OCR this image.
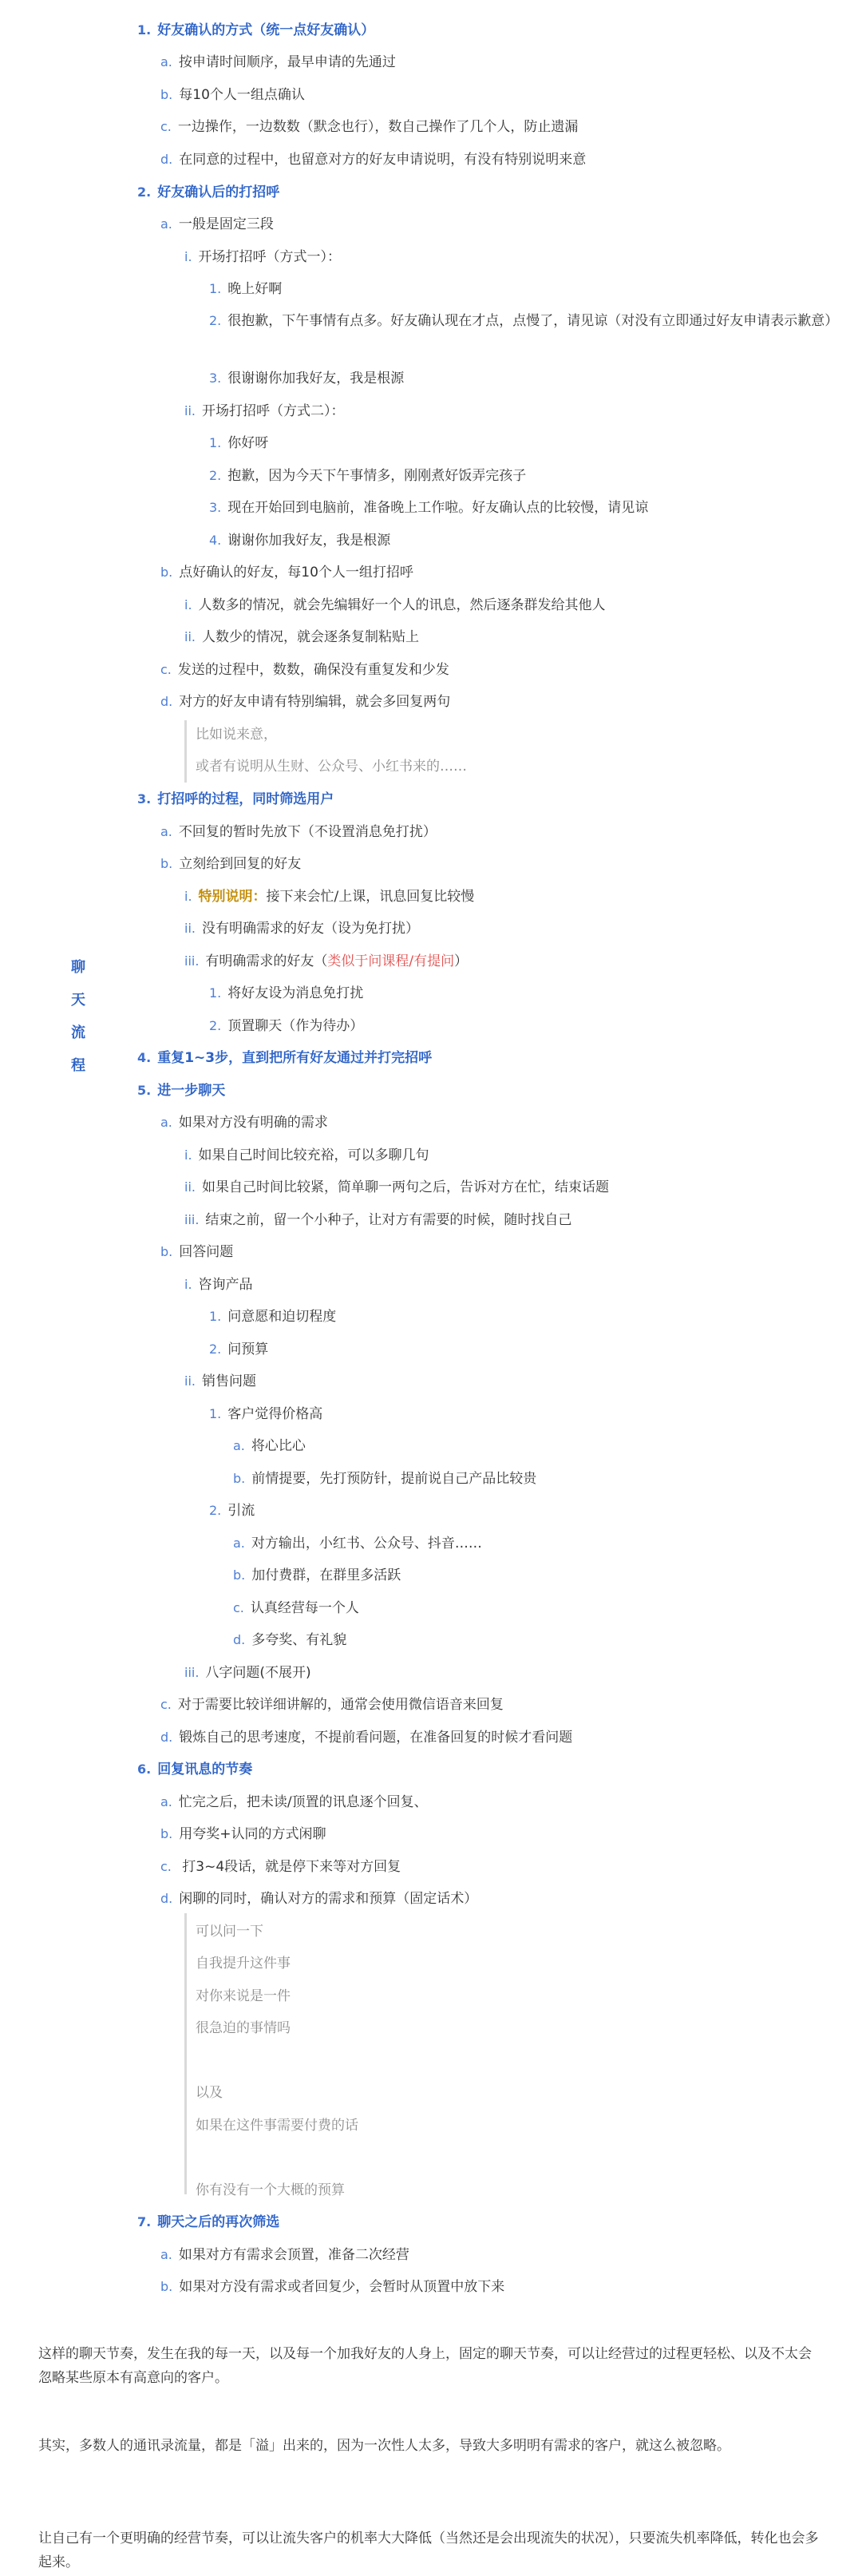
聊
天
流
程
1. 好友确认的方式（统一点好友确认）
a. 按申请时间顺序，最早申请的先通过
b. 每10个人一组点确认
c. 一边操作，一边数数（默念也行），数自己操作了几个人，防止遗漏
d. 在同意的过程中，也留意对方的好友申请说明，有没有特别说明来意
2. 好友确认后的打招呼
a. 一般是固定三段
i. 开场打招呼（方式一）：
1. 晚上好啊
2. 很抱歉，下午事情有点多。好友确认现在才点，点慢了，请见谅（对没有立即通过好友申请表示歉意）
3. 很谢谢你加我好友，我是根源
ii. 开场打招呼（方式二）：
1. 你好呀
2. 抱歉，因为今天下午事情多，刚刚煮好饭弄完孩子
3. 现在开始回到电脑前，准备晚上工作啦。好友确认点的比较慢，请见谅
4. 谢谢你加我好友，我是根源
b. 点好确认的好友，每10个人一组打招呼
i. 人数多的情况，就会先编辑好一个人的讯息，然后逐条群发给其他人
ii. 人数少的情况，就会逐条复制粘贴上
c. 发送的过程中，数数，确保没有重复发和少发
d. 对方的好友申请有特别编辑，就会多回复两句
比如说来意，
或者有说明从生财、公众号、小红书来的……
3. 打招呼的过程，同时筛选用户
a. 不回复的暂时先放下（不设置消息免打扰）
b. 立刻给到回复的好友
i. 特别说明：接下来会忙/上课，讯息回复比较慢
ii. 没有明确需求的好友（设为免打扰）
iii. 有明确需求的好友（类似于问课程/有提问）
1. 将好友设为消息免打扰
2. 顶置聊天（作为待办）
4. 重复1~3步，直到把所有好友通过并打完招呼
5. 进一步聊天
a. 如果对方没有明确的需求
i. 如果自己时间比较充裕，可以多聊几句
ii. 如果自己时间比较紧，简单聊一两句之后，告诉对方在忙，结束话题
iii. 结束之前，留一个小种子，让对方有需要的时候，随时找自己
b. 回答问题
i. 咨询产品
1. 问意愿和迫切程度
2. 问预算
ii. 销售问题
1. 客户觉得价格高
a. 将心比心
b. 前情提要，先打预防针，提前说自己产品比较贵
2. 引流
a. 对方输出，小红书、公众号、抖音……
b. 加付费群，在群里多活跃
c. 认真经营每一个人
d. 多夸奖、有礼貌
iii. 八字问题(不展开)
c. 对于需要比较详细讲解的，通常会使用微信语音来回复
d. 锻炼自己的思考速度，不提前看问题，在准备回复的时候才看问题
6. 回复讯息的节奏
a. 忙完之后，把未读/顶置的讯息逐个回复、
b. 用夸奖+认同的方式闲聊
c. 打3~4段话，就是停下来等对方回复
d. 闲聊的同时，确认对方的需求和预算（固定话术）
可以问一下
自我提升这件事
对你来说是一件
很急迫的事情吗
以及
如果在这件事需要付费的话
你有没有一个大概的预算
7. 聊天之后的再次筛选
a. 如果对方有需求会顶置，准备二次经营
b. 如果对方没有需求或者回复少，会暂时从顶置中放下来
这样的聊天节奏，发生在我的每一天，以及每一个加我好友的人身上，固定的聊天节奏，可以让经营过的过程更轻松、以及不太会忽略某些原本有高意向的客户。
其实，多数人的通讯录流量，都是「溢」出来的，因为一次性人太多，导致大多明明有需求的客户，就这么被忽略。
让自己有一个更明确的经营节奏，可以让流失客户的机率大大降低（当然还是会出现流失的状况），只要流失机率降低，转化也会多起来。
